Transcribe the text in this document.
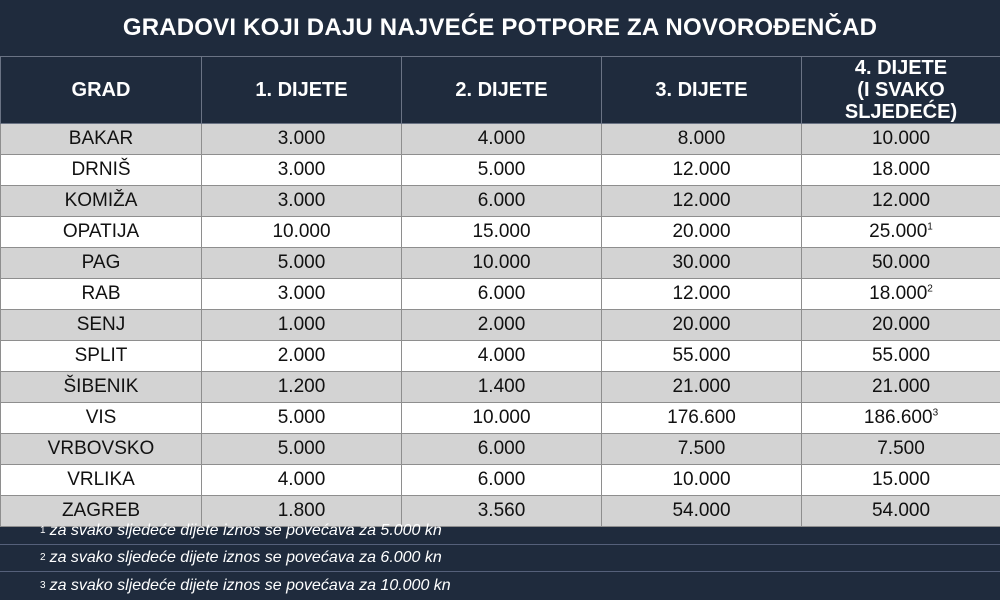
GRADOVI KOJI DAJU NAJVEĆE POTPORE ZA NOVOROĐENČAD
GRAD	1. DIJETE	2. DIJETE	3. DIJETE	4. DIJETE
(I SVAKO SLJEDEĆE)

BAKAR	3.000	4.000	8.000	10.000
DRNIŠ	3.000	5.000	12.000	18.000
KOMIŽA	3.000	6.000	12.000	12.000
OPATIJA	10.000	15.000	20.000	25.000$^1$
PAG	5.000	10.000	30.000	50.000
RAB	3.000	6.000	12.000	18.000$^2$
SENJ	1.000	2.000	20.000	20.000
SPLIT	2.000	4.000	55.000	55.000
ŠIBENIK	1.200	1.400	21.000	21.000
VIS	5.000	10.000	176.600	186.600$^3$
VRBOVSKO	5.000	6.000	7.500	7.500
VRLIKA	4.000	6.000	10.000	15.000
ZAGREB	1.800	3.560	54.000	54.000
1 za svako sljedeće dijete iznos se povećava za 5.000 kn
2 za svako sljedeće dijete iznos se povećava za 6.000 kn
3 za svako sljedeće dijete iznos se povećava za 10.000 kn
